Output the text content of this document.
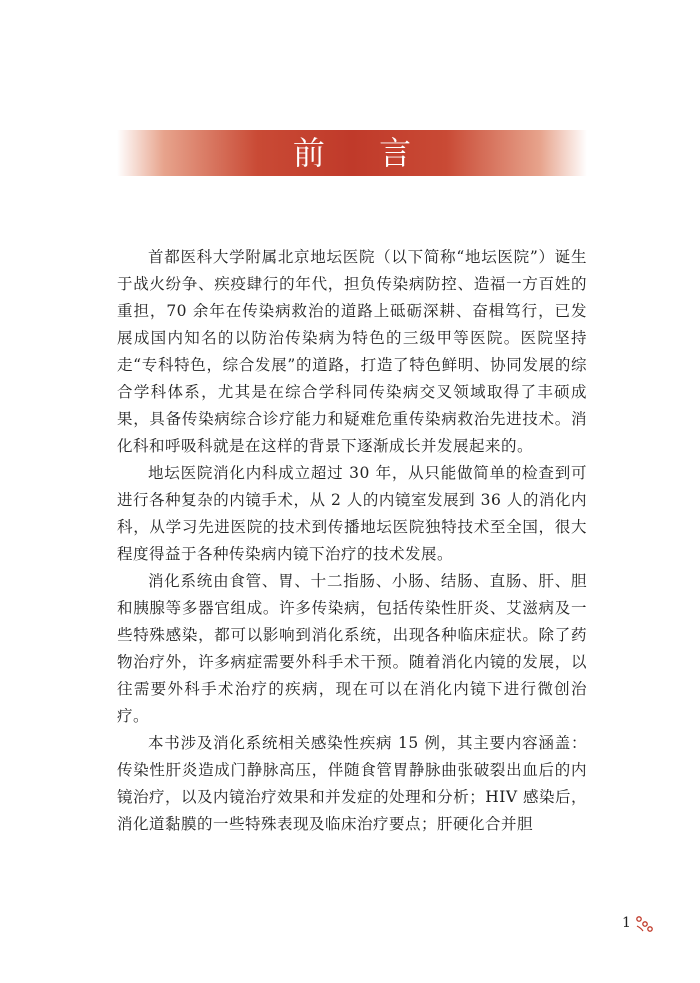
前 言

首都医科大学附属北京地坛医院（以下简称“地坛医院”）诞生于战火纷争、疾疫肆行的年代，担负传染病防控、造福一方百姓的重担，70 余年在传染病救治的道路上砥砺深耕、奋楫笃行，已发展成国内知名的以防治传染病为特色的三级甲等医院。医院坚持走“专科特色，综合发展”的道路，打造了特色鲜明、协同发展的综合学科体系，尤其是在综合学科同传染病交叉领域取得了丰硕成果，具备传染病综合诊疗能力和疑难危重传染病救治先进技术。消化科和呼吸科就是在这样的背景下逐渐成长并发展起来的。

地坛医院消化内科成立超过 30 年，从只能做简单的检查到可进行各种复杂的内镜手术，从 2 人的内镜室发展到 36 人的消化内科，从学习先进医院的技术到传播地坛医院独特技术至全国，很大程度得益于各种传染病内镜下治疗的技术发展。

消化系统由食管、胃、十二指肠、小肠、结肠、直肠、肝、胆和胰腺等多器官组成。许多传染病，包括传染性肝炎、艾滋病及一些特殊感染，都可以影响到消化系统，出现各种临床症状。除了药物治疗外，许多病症需要外科手术干预。随着消化内镜的发展，以往需要外科手术治疗的疾病，现在可以在消化内镜下进行微创治疗。

本书涉及消化系统相关感染性疾病 15 例，其主要内容涵盖：传染性肝炎造成门静脉高压，伴随食管胃静脉曲张破裂出血后的内镜治疗，以及内镜治疗效果和并发症的处理和分析；HIV 感染后，消化道黏膜的一些特殊表现及临床治疗要点；肝硬化合并胆

1
